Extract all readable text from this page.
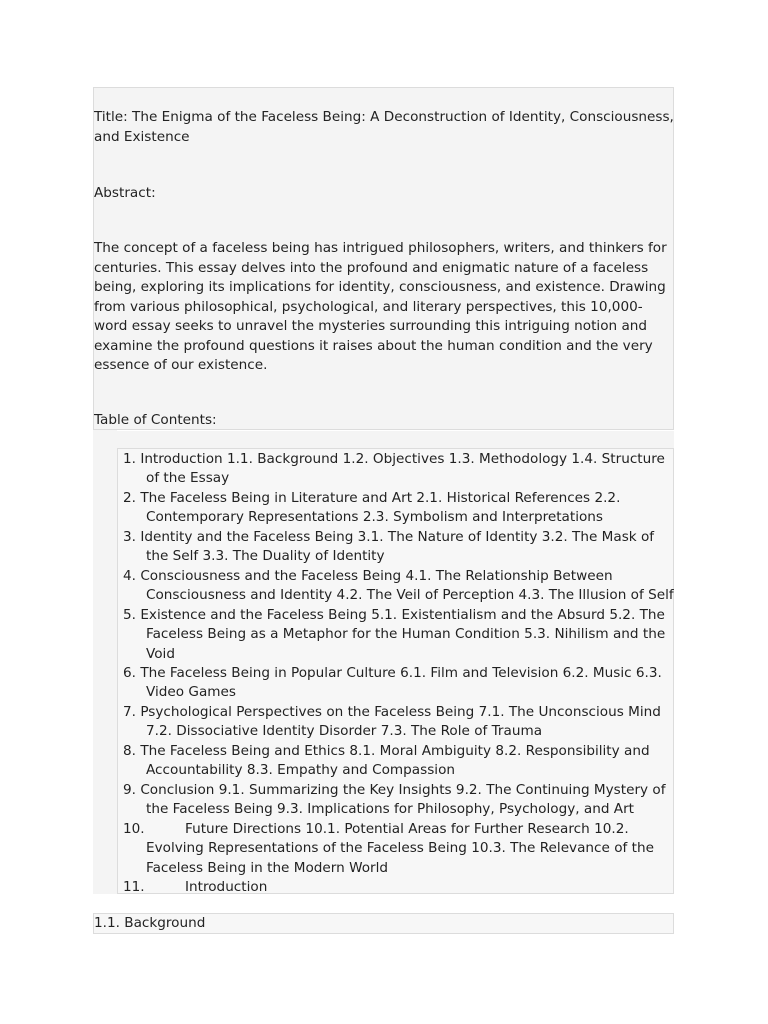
Title: The Enigma of the Faceless Being: A Deconstruction of Identity, Consciousness, and Existence

Abstract:

The concept of a faceless being has intrigued philosophers, writers, and thinkers for centuries. This essay delves into the profound and enigmatic nature of a faceless being, exploring its implications for identity, consciousness, and existence. Drawing from various philosophical, psychological, and literary perspectives, this 10,000-word essay seeks to unravel the mysteries surrounding this intriguing notion and examine the profound questions it raises about the human condition and the very essence of our existence.

Table of Contents:

1. Introduction 1.1. Background 1.2. Objectives 1.3. Methodology 1.4. Structure of the Essay
2. The Faceless Being in Literature and Art 2.1. Historical References 2.2. Contemporary Representations 2.3. Symbolism and Interpretations
3. Identity and the Faceless Being 3.1. The Nature of Identity 3.2. The Mask of the Self 3.3. The Duality of Identity
4. Consciousness and the Faceless Being 4.1. The Relationship Between Consciousness and Identity 4.2. The Veil of Perception 4.3. The Illusion of Self
5. Existence and the Faceless Being 5.1. Existentialism and the Absurd 5.2. The Faceless Being as a Metaphor for the Human Condition 5.3. Nihilism and the Void
6. The Faceless Being in Popular Culture 6.1. Film and Television 6.2. Music 6.3. Video Games
7. Psychological Perspectives on the Faceless Being 7.1. The Unconscious Mind 7.2. Dissociative Identity Disorder 7.3. The Role of Trauma
8. The Faceless Being and Ethics 8.1. Moral Ambiguity 8.2. Responsibility and Accountability 8.3. Empathy and Compassion
9. Conclusion 9.1. Summarizing the Key Insights 9.2. The Continuing Mystery of the Faceless Being 9.3. Implications for Philosophy, Psychology, and Art
10.	Future Directions 10.1. Potential Areas for Further Research 10.2. Evolving Representations of the Faceless Being 10.3. The Relevance of the Faceless Being in the Modern World
11.	Introduction

1.1. Background
